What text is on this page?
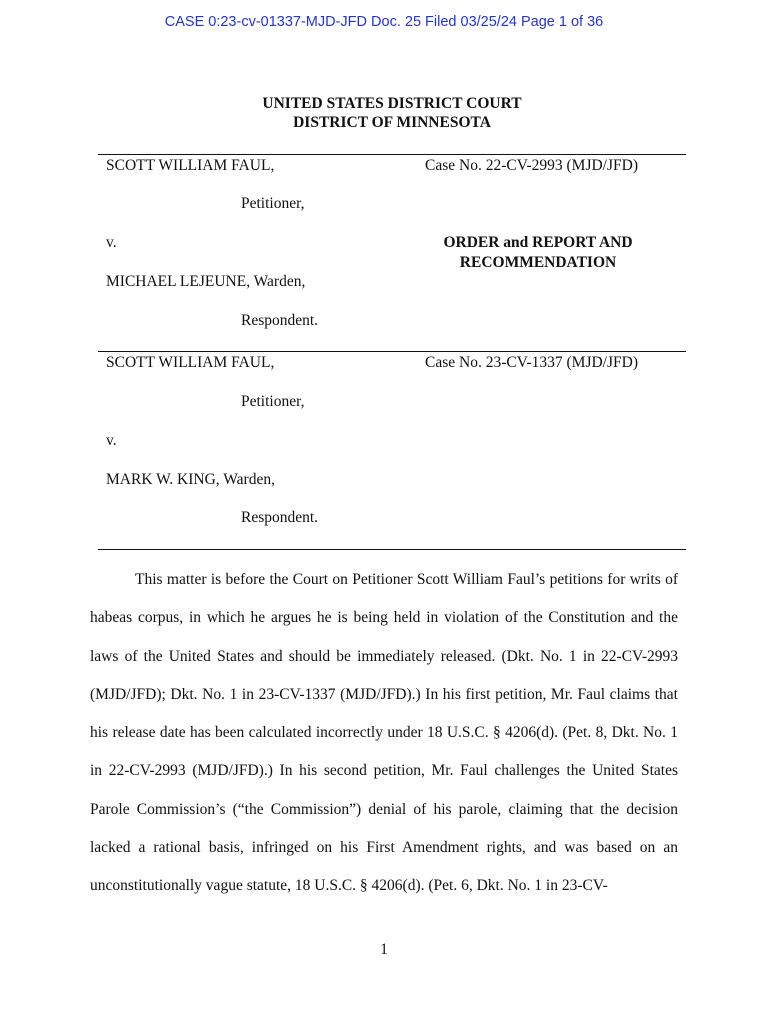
CASE 0:23-cv-01337-MJD-JFD Doc. 25 Filed 03/25/24 Page 1 of 36
UNITED STATES DISTRICT COURT
DISTRICT OF MINNESOTA
SCOTT WILLIAM FAUL,	Case No. 22-CV-2993 (MJD/JFD)
Petitioner,
v.	ORDER and REPORT AND
RECOMMENDATION
MICHAEL LEJEUNE, Warden,
Respondent.
SCOTT WILLIAM FAUL,	Case No. 23-CV-1337 (MJD/JFD)
Petitioner,
v.
MARK W. KING, Warden,
Respondent.

This matter is before the Court on Petitioner Scott William Faul’s petitions for writs of habeas corpus, in which he argues he is being held in violation of the Constitution and the laws of the United States and should be immediately released. (Dkt. No. 1 in 22-CV-2993 (MJD/JFD); Dkt. No. 1 in 23-CV-1337 (MJD/JFD).) In his first petition, Mr. Faul claims that his release date has been calculated incorrectly under 18 U.S.C. § 4206(d). (Pet. 8, Dkt. No. 1 in 22-CV-2993 (MJD/JFD).) In his second petition, Mr. Faul challenges the United States Parole Commission’s (“the Commission”) denial of his parole, claiming that the decision lacked a rational basis, infringed on his First Amendment rights, and was based on an unconstitutionally vague statute, 18 U.S.C. § 4206(d). (Pet. 6, Dkt. No. 1 in 23-CV-

1
